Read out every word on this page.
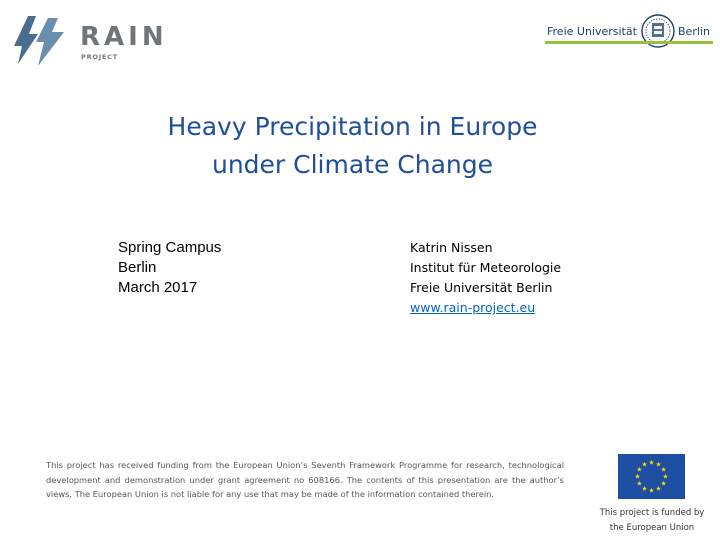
RAIN
PROJECT
Freie Universität	Berlin
Heavy Precipitation in Europe
under Climate Change
Spring Campus
Berlin
March 2017
Katrin Nissen
Institut für Meteorologie
Freie Universität Berlin
www.rain-project.eu
This project has received funding from the European Union’s Seventh Framework Programme for research, technological development and demonstration under grant agreement no 608166. The contents of this presentation are the author’s views. The European Union is not liable for any use that may be made of the information contained therein.
This project is funded by
the European Union
